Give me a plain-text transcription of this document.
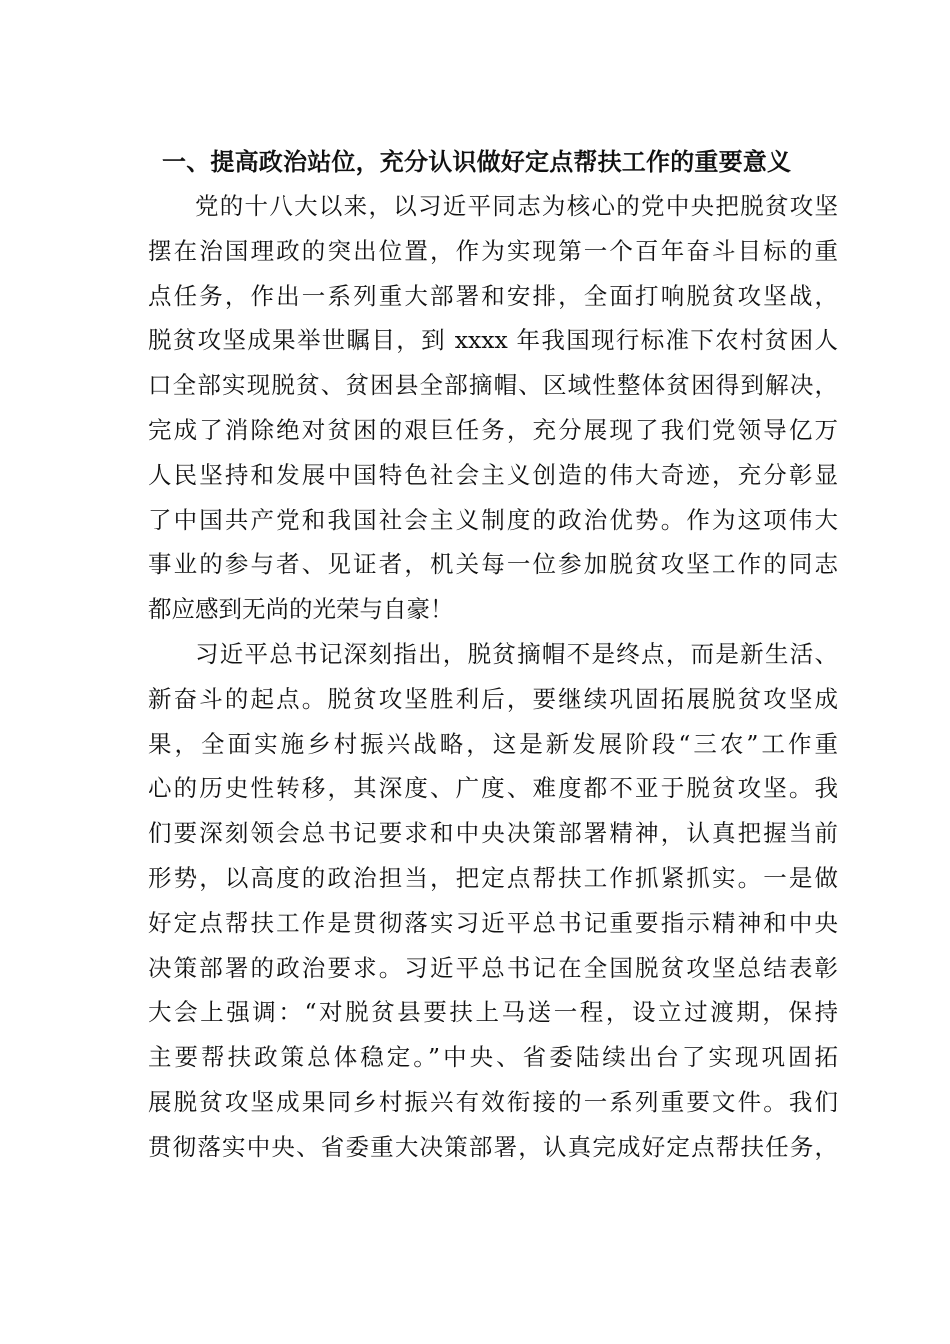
一、提高政治站位，充分认识做好定点帮扶工作的重要意义
党的十八大以来，以习近平同志为核心的党中央把脱贫攻坚
摆在治国理政的突出位置，作为实现第一个百年奋斗目标的重
点任务，作出一系列重大部署和安排，全面打响脱贫攻坚战，
脱贫攻坚成果举世瞩目，到 xxxx 年我国现行标准下农村贫困人
口全部实现脱贫、贫困县全部摘帽、区域性整体贫困得到解决，
完成了消除绝对贫困的艰巨任务，充分展现了我们党领导亿万
人民坚持和发展中国特色社会主义创造的伟大奇迹，充分彰显
了中国共产党和我国社会主义制度的政治优势。作为这项伟大
事业的参与者、见证者，机关每一位参加脱贫攻坚工作的同志
都应感到无尚的光荣与自豪！
习近平总书记深刻指出，脱贫摘帽不是终点，而是新生活、
新奋斗的起点。脱贫攻坚胜利后，要继续巩固拓展脱贫攻坚成
果，全面实施乡村振兴战略，这是新发展阶段“三农”工作重
心的历史性转移，其深度、广度、难度都不亚于脱贫攻坚。我
们要深刻领会总书记要求和中央决策部署精神，认真把握当前
形势，以高度的政治担当，把定点帮扶工作抓紧抓实。一是做
好定点帮扶工作是贯彻落实习近平总书记重要指示精神和中央
决策部署的政治要求。习近平总书记在全国脱贫攻坚总结表彰
大会上强调：“对脱贫县要扶上马送一程，设立过渡期，保持
主要帮扶政策总体稳定。”中央、省委陆续出台了实现巩固拓
展脱贫攻坚成果同乡村振兴有效衔接的一系列重要文件。我们
贯彻落实中央、省委重大决策部署，认真完成好定点帮扶任务，
